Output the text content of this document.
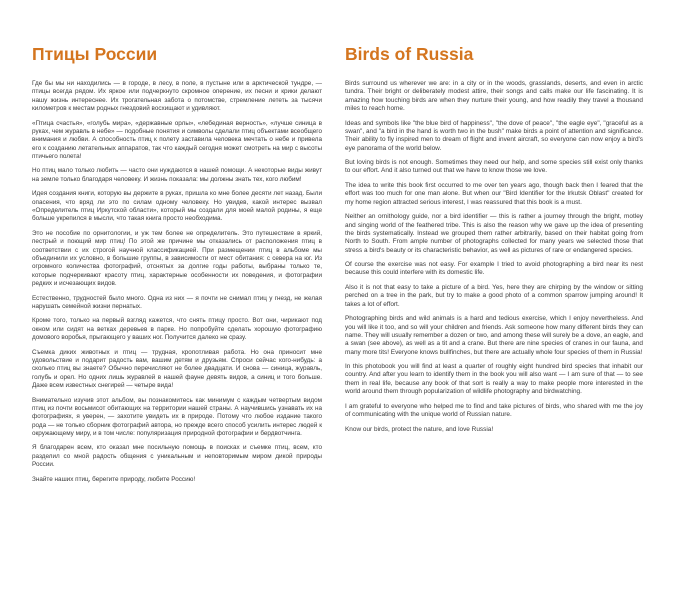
Птицы России

Где бы мы ни находились — в городе, в лесу, в поле, в пустыне или в арктической тундре, — птицы всегда рядом. Их яркое или подчеркнуто скромное оперение, их песни и крики делают нашу жизнь интереснее. Их трогательная забота о потомстве, стремление лететь за тысячи километров к местам родных гнездовий восхищают и удивляют.

«Птица счастья», «голубь мира», «державные орлы», «лебединая верность», «лучше синица в руках, чем журавль в небе» — подобные понятия и символы сделали птиц объектами всеобщего внимания и любви. А способность птиц к полету заставила человека мечтать о небе и привела его к созданию летательных аппаратов, так что каждый сегодня может смотреть на мир с высоты птичьего полета!

Но птиц мало только любить — часто они нуждаются в нашей помощи. А некоторые виды живут на земле только благодаря человеку. И жизнь показала: мы должны знать тех, кого любим!

Идея создания книги, которую вы держите в руках, пришла ко мне более десяти лет назад. Были опасения, что вряд ли это по силам одному человеку. Но увидев, какой интерес вызвал «Определитель птиц Иркутской области», который мы создали для моей малой родины, я еще больше укрепился в мысли, что такая книга просто необходима.

Это не пособие по орнитологии, и уж тем более не определитель. Это путешествие в яркий, пестрый и поющий мир птиц! По этой же причине мы отказались от расположения птиц в соответствии с их строгой научной классификацией. При размещении птиц в альбоме мы объединили их условно, в большие группы, в зависимости от мест обитания: с севера на юг. Из огромного количества фотографий, отснятых за долгие годы работы, выбраны только те, которые подчеркивают красоту птиц, характерные особенности их поведения, и фотографии редких и исчезающих видов.

Естественно, трудностей было много. Одна из них — я почти не снимал птиц у гнезд, не желая нарушать семейной жизни пернатых.

Кроме того, только на первый взгляд кажется, что снять птицу просто. Вот они, чирикают под окном или сидят на ветках деревьев в парке. Но попробуйте сделать хорошую фотографию домового воробья, прыгающего у ваших ног. Получится далеко не сразу.

Съемка диких животных и птиц — трудная, кропотливая работа. Но она приносит мне удовольствие и подарит радость вам, вашим детям и друзьям. Спроси сейчас кого-нибудь: а сколько птиц вы знаете? Обычно перечисляют не более двадцати. И снова — синица, журавль, голубь и орел. Но одних лишь журавлей в нашей фауне девять видов, а синиц и того больше. Даже всем известных снегирей — четыре вида!

Внимательно изучив этот альбом, вы познакомитесь как минимум с каждым четвертым видом птиц из почти восьмисот обитающих на территории нашей страны. А научившись узнавать их на фотографиях, я уверен, — захотите увидеть их в природе. Потому что любое издание такого рода — не только сборник фотографий автора, но прежде всего способ усилить интерес людей к окружающему миру, и в том числе: популяризация природной фотографии и бердвотчинга.

Я благодарен всем, кто оказал мне посильную помощь в поисках и съемке птиц, всем, кто разделил со мной радость общения с уникальным и неповторимым миром дикой природы России.

Знайте наших птиц, берегите природу, любите Россию!

Birds of Russia

Birds surround us wherever we are: in a city or in the woods, grasslands, deserts, and even in arctic tundra. Their bright or deliberately modest attire, their songs and calls make our life fascinating. It is amazing how touching birds are when they nurture their young, and how readily they travel a thousand miles to reach home.

Ideas and symbols like "the blue bird of happiness", "the dove of peace", "the eagle eye", "graceful as a swan", and "a bird in the hand is worth two in the bush" make birds a point of attention and significance. Their ability to fly inspired men to dream of flight and invent aircraft, so everyone can now enjoy a bird's eye panorama of the world below.

But loving birds is not enough. Sometimes they need our help, and some species still exist only thanks to our effort. And it also turned out that we have to know those we love.

The idea to write this book first occurred to me over ten years ago, though back then I feared that the effort was too much for one man alone. But when our "Bird Identifier for the Irkutsk Oblast" created for my home region attracted serious interest, I was reassured that this book is a must.

Neither an ornithology guide, nor a bird identifier — this is rather a journey through the bright, motley and singing world of the feathered tribe. This is also the reason why we gave up the idea of presenting the birds systematically. Instead we grouped them rather arbitrarily, based on their habitat going from North to South. From ample number of photographs collected for many years we selected those that stress a bird's beauty or its characteristic behavior, as well as pictures of rare or endangered species.

Of course the exercise was not easy. For example I tried to avoid photographing a bird near its nest because this could interfere with its domestic life.

Also it is not that easy to take a picture of a bird. Yes, here they are chirping by the window or sitting perched on a tree in the park, but try to make a good photo of a common sparrow jumping around! It takes a lot of effort.

Photographing birds and wild animals is a hard and tedious exercise, which I enjoy nevertheless. And you will like it too, and so will your children and friends. Ask someone how many different birds they can name. They will usually remember a dozen or two, and among these will surely be a dove, an eagle, and a swan (see above), as well as a tit and a crane. But there are nine species of cranes in our fauna, and many more tits! Everyone knows bullfinches, but there are actually whole four species of them in Russia!

In this photobook you will find at least a quarter of roughly eight hundred bird species that inhabit our country. And after you learn to identify them in the book you will also want — I am sure of that — to see them in real life, because any book of that sort is really a way to make people more interested in the world around them through popularization of wildlife photography and birdwatching.

I am grateful to everyone who helped me to find and take pictures of birds, who shared with me the joy of communicating with the unique world of Russian nature.

Know our birds, protect the nature, and love Russia!
